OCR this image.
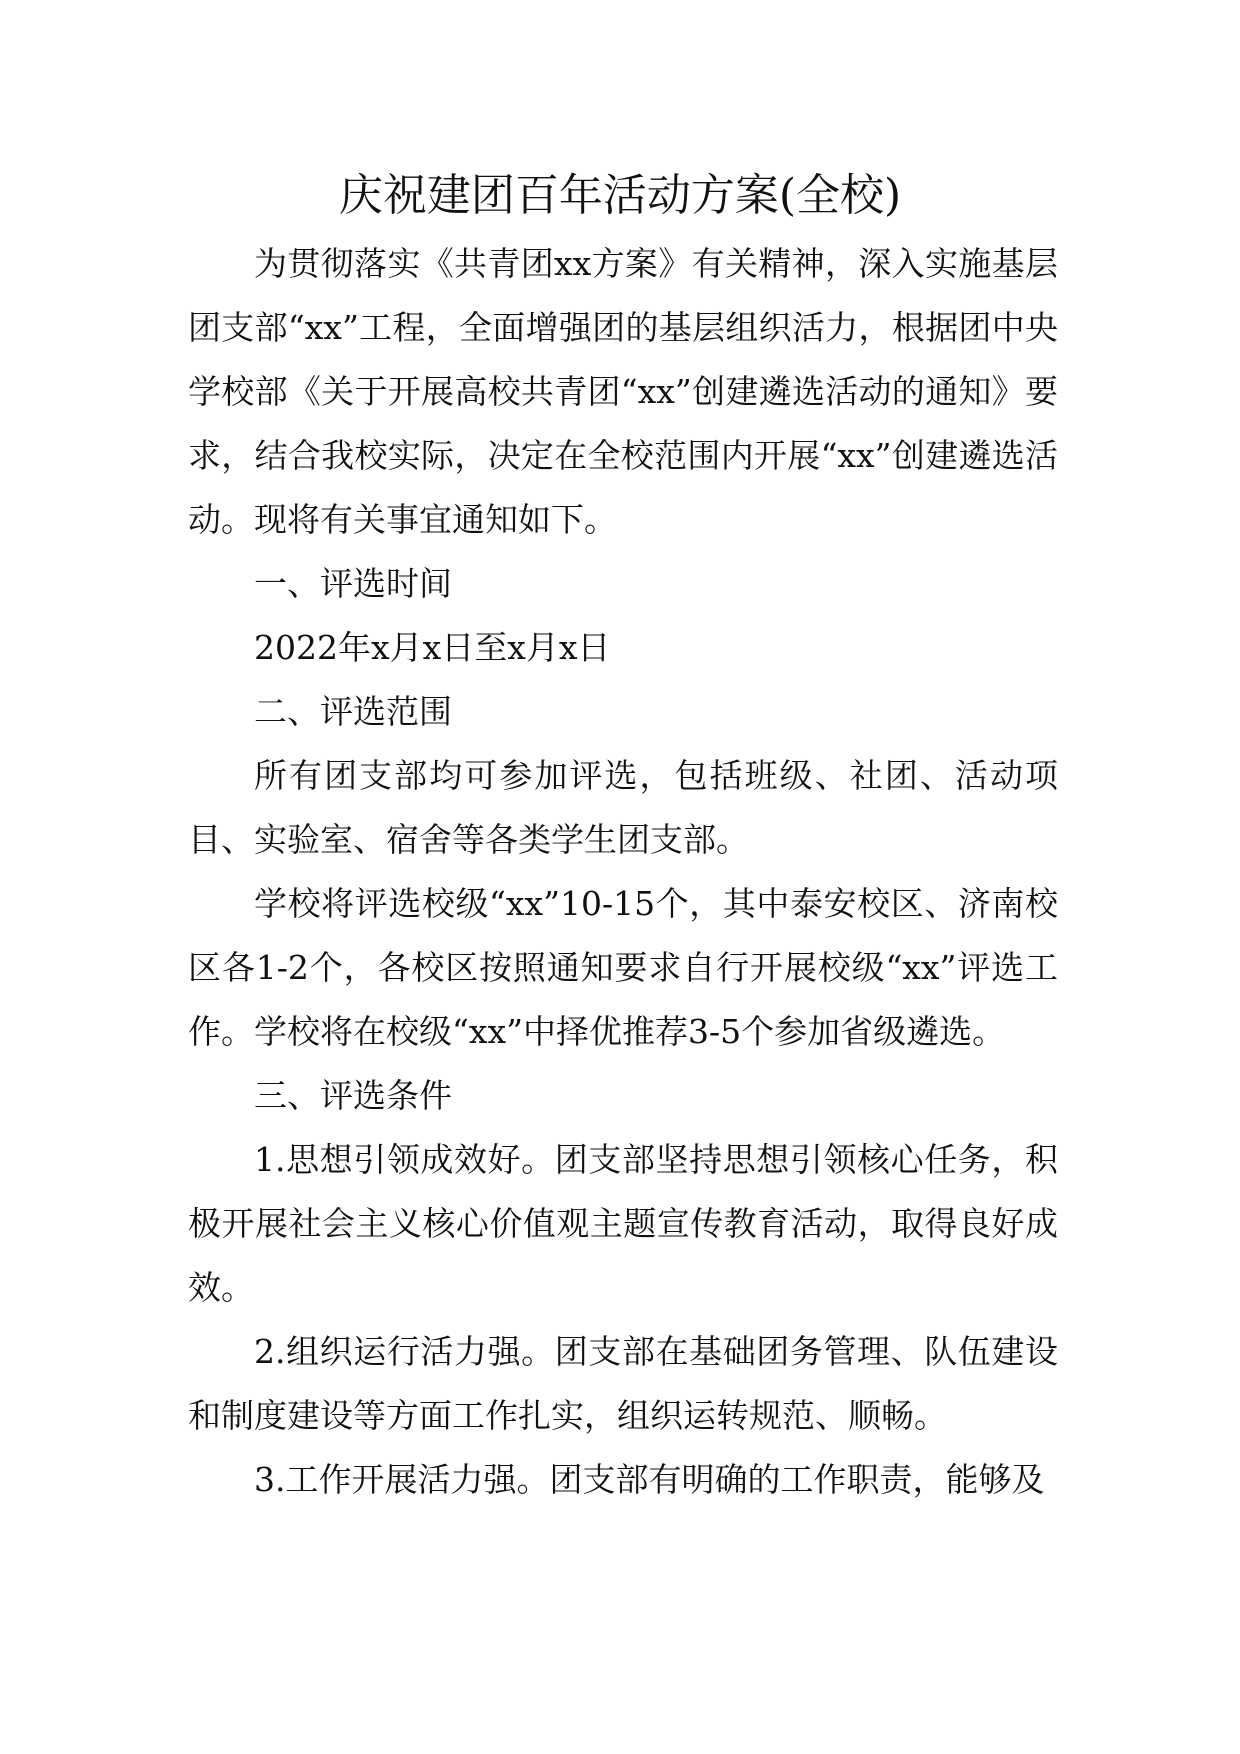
庆祝建团百年活动方案(全校)

为贯彻落实《共青团xx方案》有关精神，深入实施基层团支部“xx”工程，全面增强团的基层组织活力，根据团中央学校部《关于开展高校共青团“xx”创建遴选活动的通知》要求，结合我校实际，决定在全校范围内开展“xx”创建遴选活动。现将有关事宜通知如下。

一、评选时间

2022年x月x日至x月x日

二、评选范围

所有团支部均可参加评选，包括班级、社团、活动项目、实验室、宿舍等各类学生团支部。

学校将评选校级“xx”10-15个，其中泰安校区、济南校区各1-2个，各校区按照通知要求自行开展校级“xx”评选工作。学校将在校级“xx”中择优推荐3-5个参加省级遴选。

三、评选条件

1.思想引领成效好。团支部坚持思想引领核心任务，积极开展社会主义核心价值观主题宣传教育活动，取得良好成效。

2.组织运行活力强。团支部在基础团务管理、队伍建设和制度建设等方面工作扎实，组织运转规范、顺畅。

3.工作开展活力强。团支部有明确的工作职责，能够及
